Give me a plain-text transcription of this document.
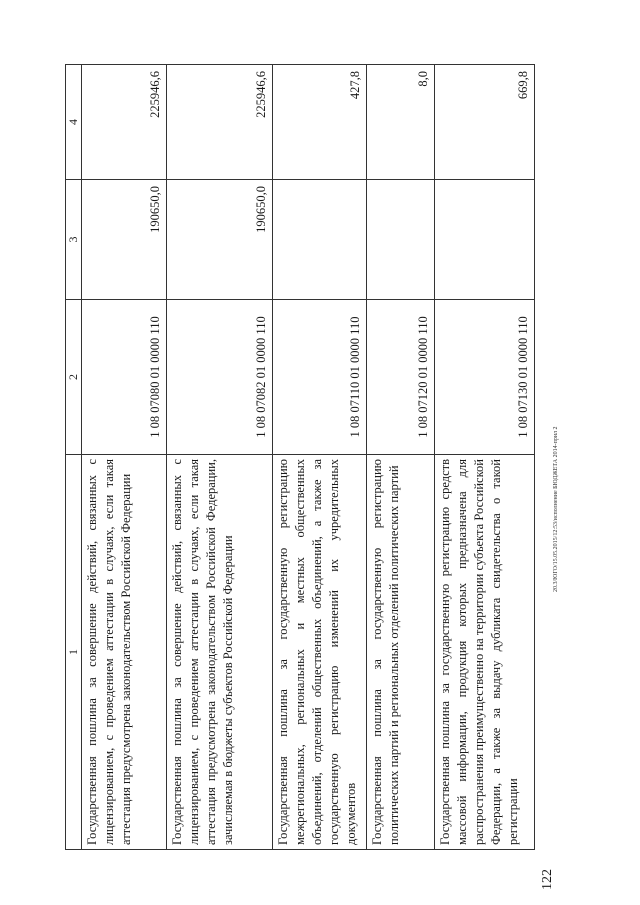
1	2	3	4
Государственная пошлина за совершение действий, связанных с лицензированием, с проведением аттестации в случаях, если такая аттестация предусмотрена законодательством Российской Федерации	1 08 07080 01 0000 110	190650,0	225946,6
Государственная пошлина за совершение действий, связанных с лицензированием, с проведением аттестации в случаях, если такая аттестация предусмотрена законодательством Российской Федерации, зачисляемая в бюджеты субъектов Российской Федерации	1 08 07082 01 0000 110	190650,0	225946,6
Государственная пошлина за государственную регистрацию межрегиональных, региональных и местных общественных объединений, отделений общественных объединений, а также за государственную регистрацию изменений их учредительных документов	1 08 07110 01 0000 110		427,8
Государственная пошлина за государственную регистрацию политических партий и региональных отделений политических партий	1 08 07120 01 0000 110		8,0
Государственная пошлина за государственную регистрацию средств массовой информации, продукция которых предназначена для распространения преимущественно на территории субъекта Российской Федерации, а также за выдачу дубликата свидетельства о такой регистрации	1 08 07130 01 0000 110		669,8
20.3/ЮГО/15.05.2015/12:53/исполнение БЮДЖЕТА 2014-прил 2
122
